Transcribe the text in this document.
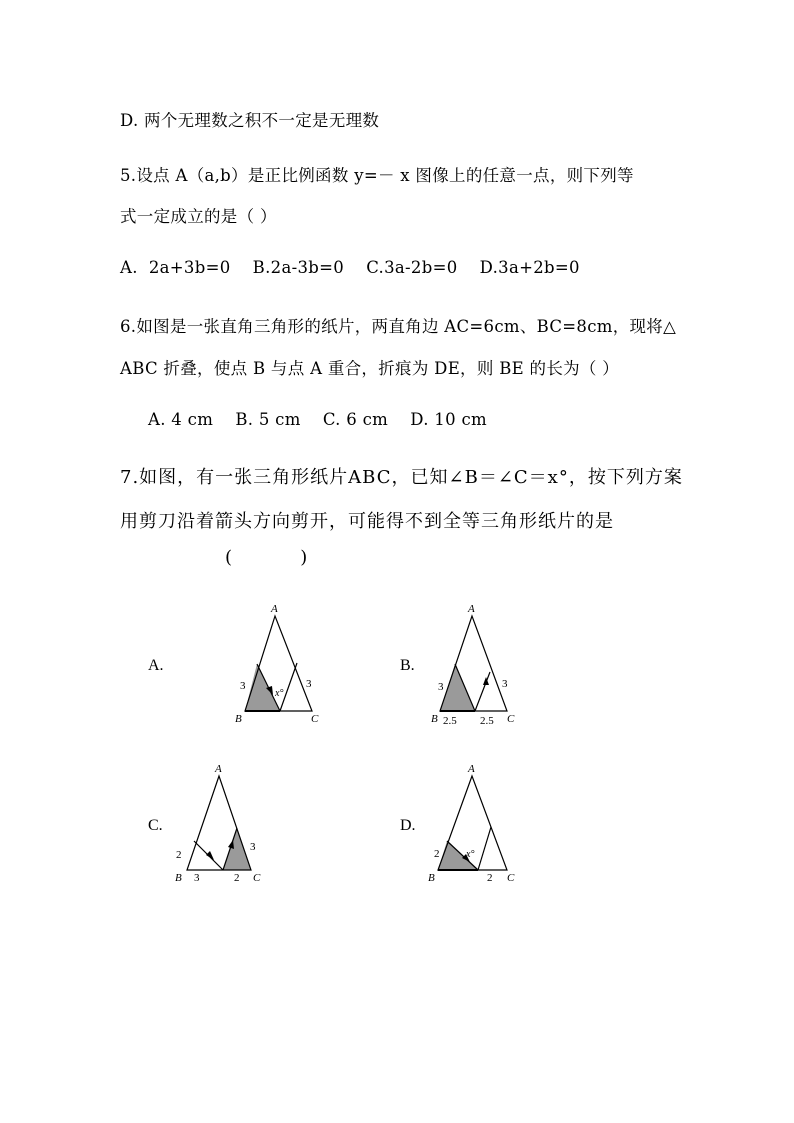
D. 两个无理数之积不一定是无理数
5.设点 A（a,b）是正比例函数 y=－ x 图像上的任意一点，则下列等
式一定成立的是（ ）
A.  2a+3b=0    B.2a-3b=0    C.3a-2b=0    D.3a+2b=0
6.如图是一张直角三角形的纸片，两直角边 AC=6cm、BC=8cm，现将△
ABC 折叠，使点 B 与点 A 重合，折痕为 DE，则 BE 的长为（ ）
A. 4 cm    B. 5 cm    C. 6 cm    D. 10 cm
7.如图，有一张三角形纸片ABC，已知∠B＝∠C＝x°，按下列方案
用剪刀沿着箭头方向剪开，可能得不到全等三角形纸片的是
(          )
A.	B.
C.	D.
A
B	C
3	3
x°
A
B	C
3	3
2.5 2.5
A
B	C
2
3
3	2
A
B	C
2	x°
2
